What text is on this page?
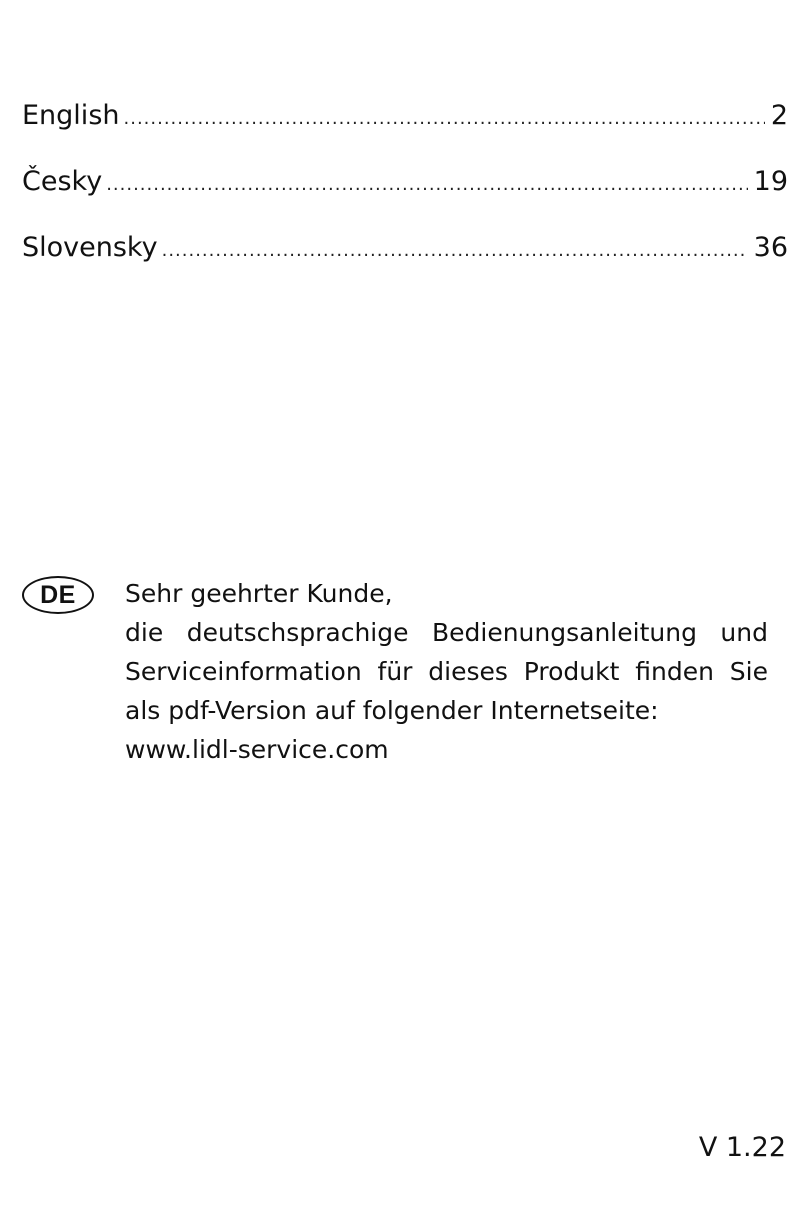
English .....	2
Česky .....	19
Slovensky .....	36
DE	Sehr geehrter Kunde,

die deutschsprachige Bedienungsanleitung und Serviceinformation für dieses Produkt finden Sie als pdf-Version auf folgender Internetseite:

www.lidl-service.com

V 1.22
